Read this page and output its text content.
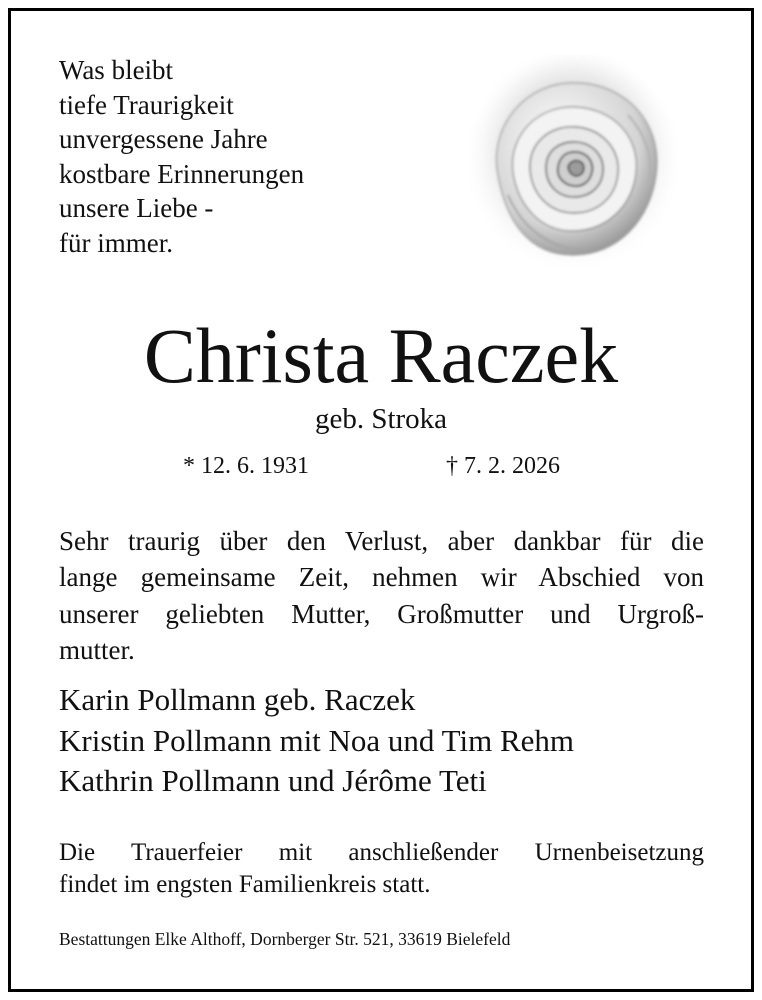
Was bleibt
tiefe Traurigkeit
unvergessene Jahre
kostbare Erinnerungen
unsere Liebe -
für immer.
Christa Raczek
geb. Stroka
* 12. 6. 1931	† 7. 2. 2026

Sehr traurig über den Verlust, aber dankbar für die
lange gemeinsame Zeit, nehmen wir Abschied von
unserer geliebten Mutter, Großmutter und Urgroß-
mutter.

Karin Pollmann geb. Raczek
Kristin Pollmann mit Noa und Tim Rehm
Kathrin Pollmann und Jérôme Teti

Die Trauerfeier mit anschließender Urnenbeisetzung
findet im engsten Familienkreis statt.

Bestattungen Elke Althoff, Dornberger Str. 521, 33619 Bielefeld
